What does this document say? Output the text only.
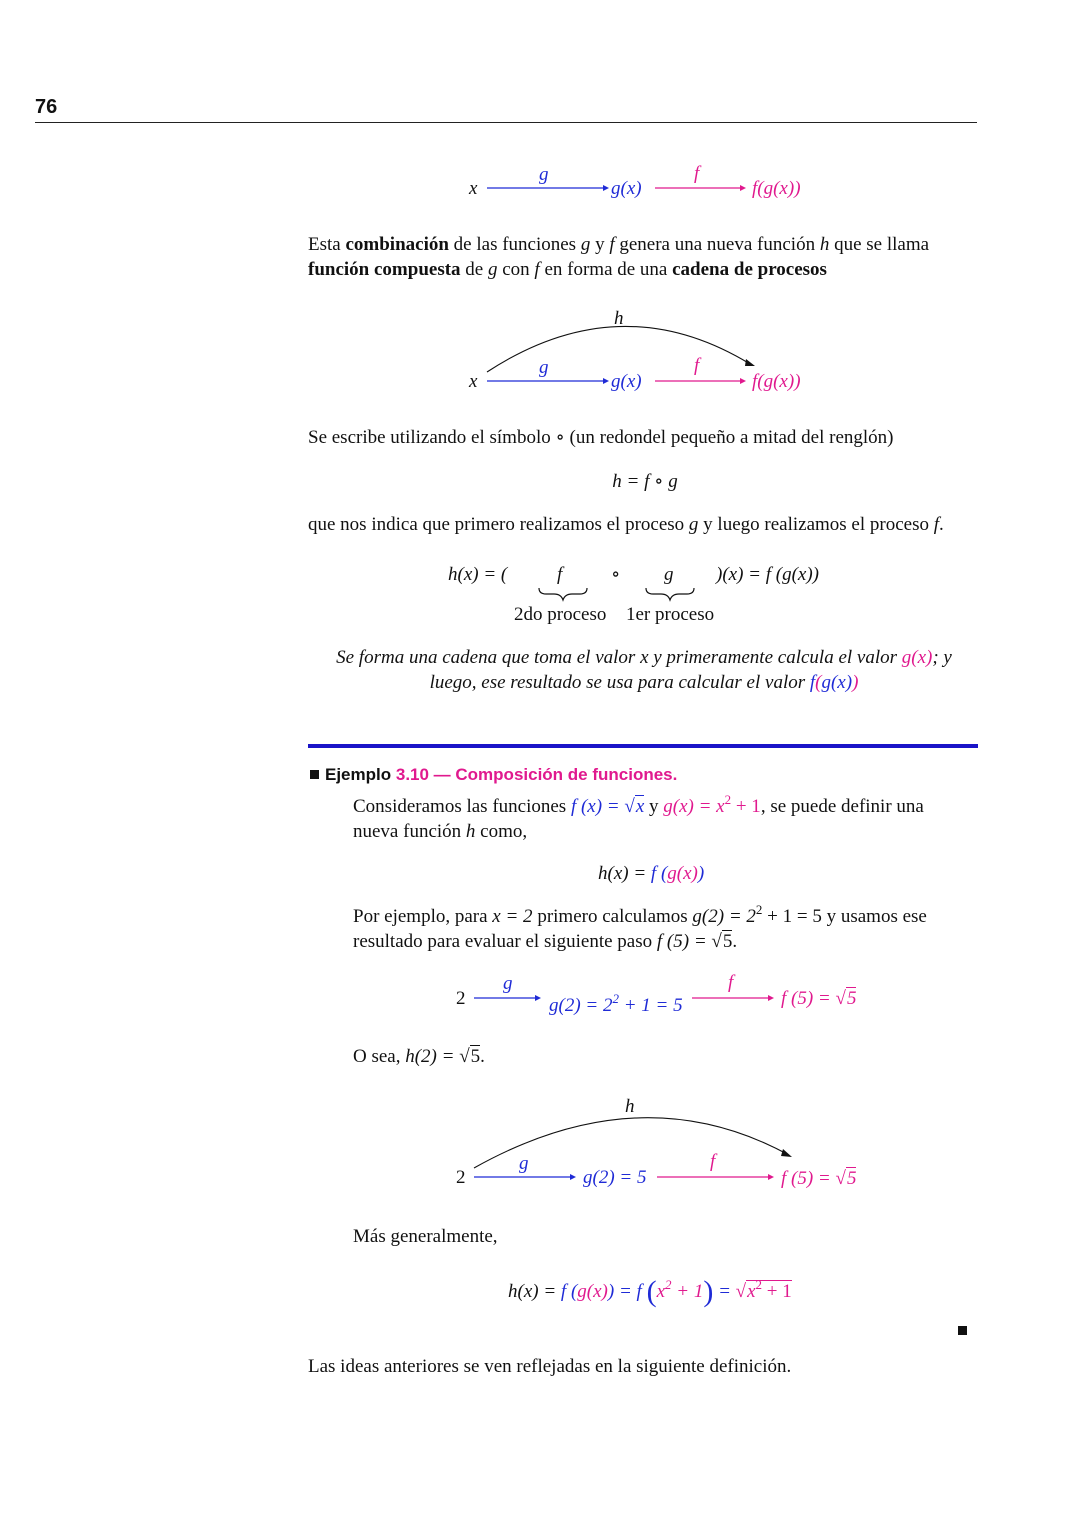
76
x
g
g(x)
f
f(g(x))
Esta combinación de las funciones g y f genera una nueva función h que se llama
función compuesta de g con f en forma de una cadena de procesos
h
x
g
g(x)
f
f(g(x))
Se escribe utilizando el símbolo ∘ (un redondel pequeño a mitad del renglón)
h = f ∘ g
que nos indica que primero realizamos el proceso g y luego realizamos el proceso f.
h(x) = (	f	∘ g )(x) = f (g(x))
2do proceso 1er proceso
Se forma una cadena que toma el valor x y primeramente calcula el valor g(x); y
luego, ese resultado se usa para calcular el valor f(g(x))
Ejemplo 3.10 — Composición de funciones.
Consideramos las funciones f (x) = √x y $g(x) = x^2 + 1$, se puede definir una
nueva función h como,
h(x) = f (g(x))
Por ejemplo, para x = 2 primero calculamos $g(2) = 2^2 + 1 = 5$ y usamos ese
resultado para evaluar el siguiente paso f (5) = √5.
2
g
$g(2) = 2^2 + 1 = 5$
f
f (5) = √5
O sea, h(2) = √5.
h
2
g
g(2) = 5
f
f (5) = √5
Más generalmente,
h(x) = f (g(x)) = f $(x^2 + 1) = √x^2 + 1$
Las ideas anteriores se ven reflejadas en la siguiente definición.
